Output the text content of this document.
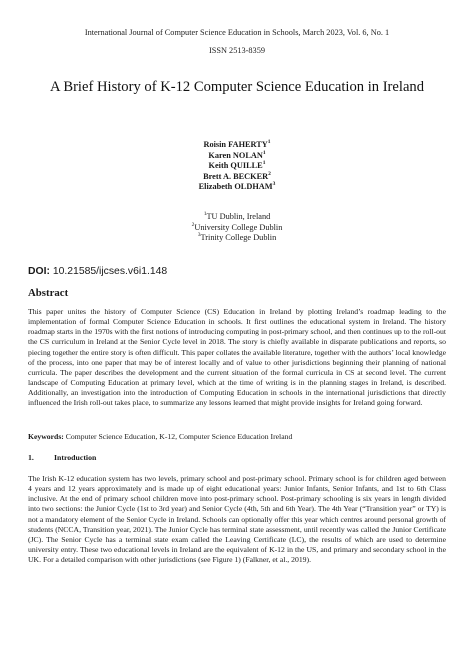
International Journal of Computer Science Education in Schools, March 2023, Vol. 6, No. 1
ISSN 2513-8359
A Brief History of K-12 Computer Science Education in Ireland
Roisin FAHERTY$^1$
Karen NOLAN$^1$
Keith QUILLE$^1$
Brett A. BECKER$^2$
Elizabeth OLDHAM$^3$
$^1$TU Dublin, Ireland
$^2$University College Dublin
$^3$Trinity College Dublin
DOI: 10.21585/ijcses.v6i1.148
Abstract
This paper unites the history of Computer Science (CS) Education in Ireland by plotting Ireland’s roadmap leading to the implementation of formal Computer Science Education in schools. It first outlines the educational system in Ireland. The history roadmap starts in the 1970s with the first notions of introducing computing in post-primary school, and then continues up to the roll-out the CS curriculum in Ireland at the Senior Cycle level in 2018. The story is chiefly available in disparate publications and reports, so piecing together the entire story is often difficult. This paper collates the available literature, together with the authors’ local knowledge of the process, into one paper that may be of interest locally and of value to other jurisdictions beginning their planning of national curricula. The paper describes the development and the current situation of the formal curricula in CS at second level. The current landscape of Computing Education at primary level, which at the time of writing is in the planning stages in Ireland, is described. Additionally, an investigation into the introduction of Computing Education in schools in the international jurisdictions that directly influenced the Irish roll-out takes place, to summarize any lessons learned that might provide insights for Ireland going forward.
Keywords: Computer Science Education, K-12, Computer Science Education Ireland
1.	Introduction
The Irish K-12 education system has two levels, primary school and post-primary school. Primary school is for children aged between 4 years and 12 years approximately and is made up of eight educational years: Junior Infants, Senior Infants, and 1st to 6th Class inclusive. At the end of primary school children move into post-primary school. Post-primary schooling is six years in length divided into two sections: the Junior Cycle (1st to 3rd year) and Senior Cycle (4th, 5th and 6th Year). The 4th Year (“Transition year” or TY) is not a mandatory element of the Senior Cycle in Ireland. Schools can optionally offer this year which centres around personal growth of students (NCCA, Transition year, 2021). The Junior Cycle has terminal state assessment, until recently was called the Junior Certificate (JC). The Senior Cycle has a terminal state exam called the Leaving Certificate (LC), the results of which are used to determine university entry. These two educational levels in Ireland are the equivalent of K-12 in the US, and primary and secondary school in the UK. For a detailed comparison with other jurisdictions (see Figure 1) (Falkner, et al., 2019).
